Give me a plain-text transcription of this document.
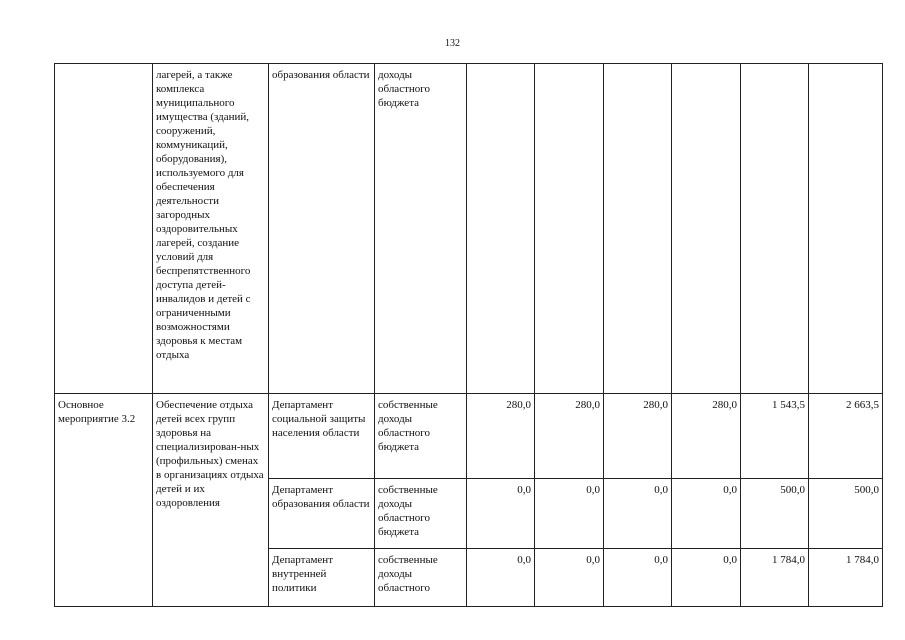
132
	лагерей, а также комплекса муниципального имущества (зданий, сооружений, коммуникаций, оборудования), используемого для обеспечения деятельности загородных оздоровительных лагерей, создание условий для беспрепятственного доступа детей-инвалидов и детей с ограниченными возможностями здоровья к местам отдыха	образования области	доходы областного бюджета						
Основное мероприятие 3.2	Обеспечение отдыха детей всех групп здоровья на специализирован-ных (профильных) сменах в организациях отдыха детей и их оздоровления	Департамент социальной защиты населения области	собственные доходы областного бюджета	280,0	280,0	280,0	280,0	1 543,5	2 663,5
		Департамент образования области	собственные доходы областного бюджета	0,0	0,0	0,0	0,0	500,0	500,0
		Департамент внутренней политики	собственные доходы областного	0,0	0,0	0,0	0,0	1 784,0	1 784,0
